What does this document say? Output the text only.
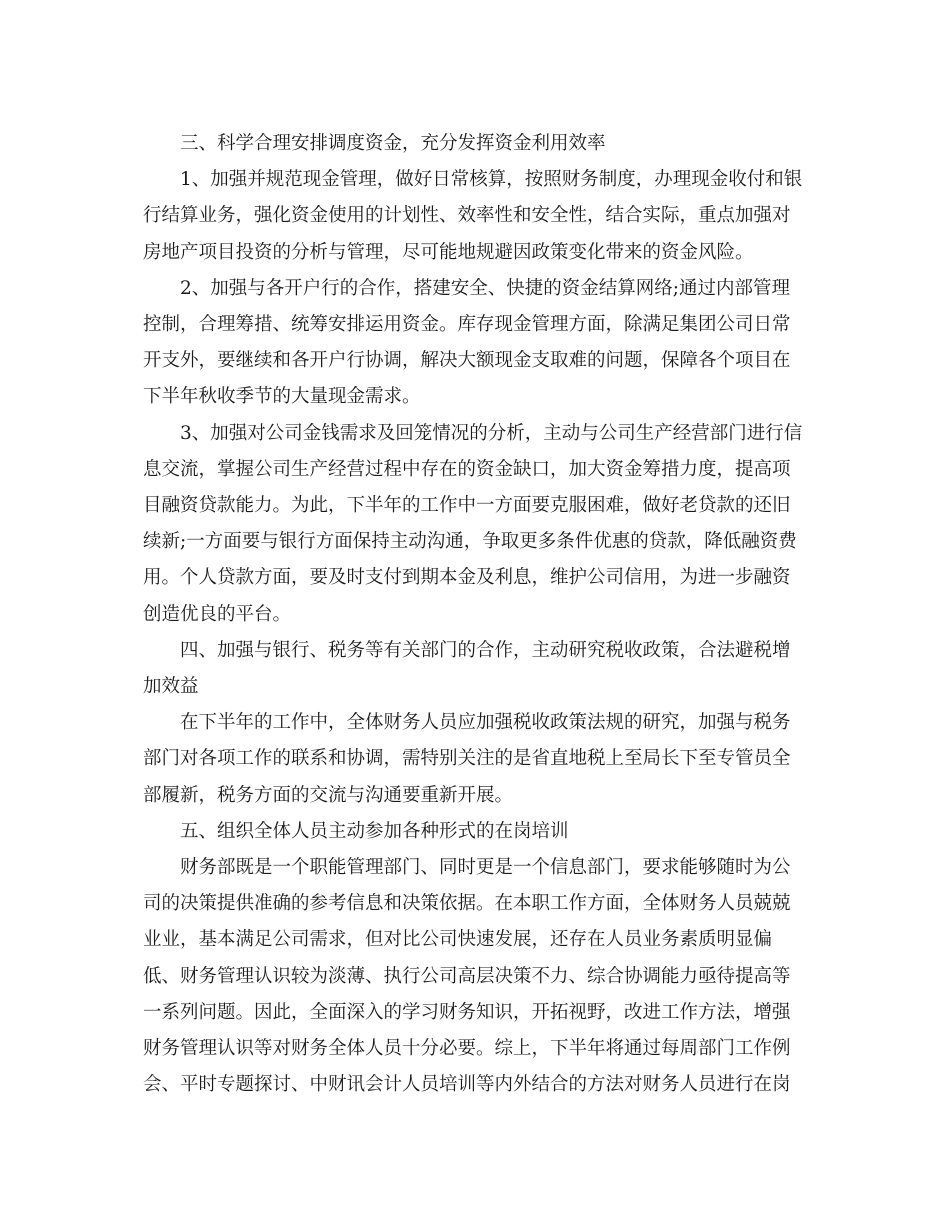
三、科学合理安排调度资金，充分发挥资金利用效率

1、加强并规范现金管理，做好日常核算，按照财务制度，办理现金收付和银
行结算业务，强化资金使用的计划性、效率性和安全性，结合实际，重点加强对
房地产项目投资的分析与管理，尽可能地规避因政策变化带来的资金风险。

2、加强与各开户行的合作，搭建安全、快捷的资金结算网络;通过内部管理
控制，合理筹措、统筹安排运用资金。库存现金管理方面，除满足集团公司日常
开支外，要继续和各开户行协调，解决大额现金支取难的问题，保障各个项目在
下半年秋收季节的大量现金需求。

3、加强对公司金钱需求及回笼情况的分析，主动与公司生产经营部门进行信
息交流，掌握公司生产经营过程中存在的资金缺口，加大资金筹措力度，提高项
目融资贷款能力。为此，下半年的工作中一方面要克服困难，做好老贷款的还旧
续新;一方面要与银行方面保持主动沟通，争取更多条件优惠的贷款，降低融资费
用。个人贷款方面，要及时支付到期本金及利息，维护公司信用，为进一步融资
创造优良的平台。

四、加强与银行、税务等有关部门的合作，主动研究税收政策，合法避税增
加效益

在下半年的工作中，全体财务人员应加强税收政策法规的研究，加强与税务
部门对各项工作的联系和协调，需特别关注的是省直地税上至局长下至专管员全
部履新，税务方面的交流与沟通要重新开展。

五、组织全体人员主动参加各种形式的在岗培训

财务部既是一个职能管理部门、同时更是一个信息部门，要求能够随时为公
司的决策提供准确的参考信息和决策依据。在本职工作方面，全体财务人员兢兢
业业，基本满足公司需求，但对比公司快速发展，还存在人员业务素质明显偏
低、财务管理认识较为淡薄、执行公司高层决策不力、综合协调能力亟待提高等
一系列问题。因此，全面深入的学习财务知识，开拓视野，改进工作方法，增强
财务管理认识等对财务全体人员十分必要。综上，下半年将通过每周部门工作例
会、平时专题探讨、中财讯会计人员培训等内外结合的方法对财务人员进行在岗
